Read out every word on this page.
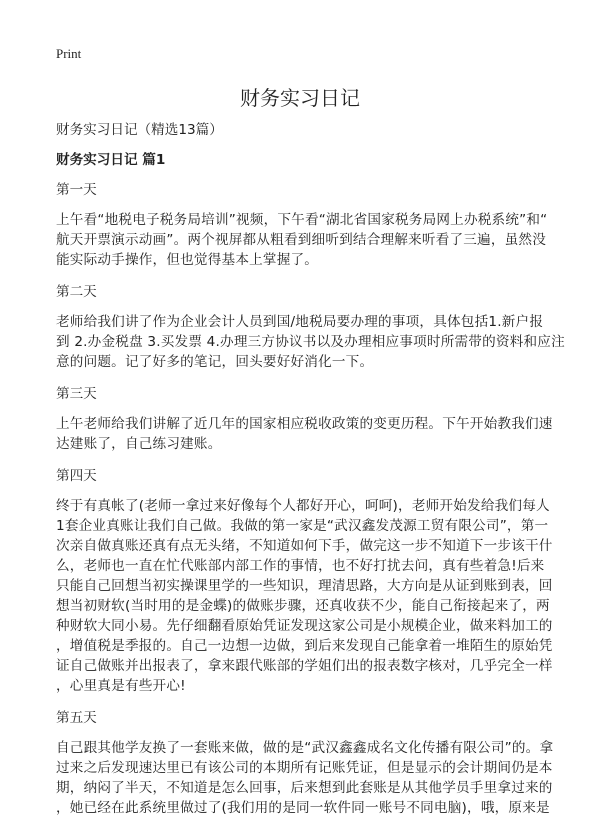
Print
财务实习日记
财务实习日记（精选13篇）
财务实习日记 篇1
第一天
上午看“地税电子税务局培训”视频，下午看“湖北省国家税务局网上办税系统”和“
航天开票演示动画”。两个视屏都从粗看到细听到结合理解来听看了三遍，虽然没
能实际动手操作，但也觉得基本上掌握了。
第二天
老师给我们讲了作为企业会计人员到国/地税局要办理的事项，具体包括1.新户报
到 2.办金税盘 3.买发票 4.办理三方协议书以及办理相应事项时所需带的资料和应注
意的问题。记了好多的笔记，回头要好好消化一下。
第三天
上午老师给我们讲解了近几年的国家相应税收政策的变更历程。下午开始教我们速
达建账了，自己练习建账。
第四天
终于有真帐了(老师一拿过来好像每个人都好开心，呵呵)，老师开始发给我们每人
1套企业真账让我们自己做。我做的第一家是“武汉鑫发茂源工贸有限公司”，第一
次亲自做真账还真有点无头绪，不知道如何下手，做完这一步不知道下一步该干什
么，老师也一直在忙代账部内部工作的事情，也不好打扰去问，真有些着急!后来
只能自己回想当初实操课里学的一些知识，理清思路，大方向是从证到账到表，回
想当初财软(当时用的是金蝶)的做账步骤，还真收获不少，能自己衔接起来了，两
种财软大同小易。先仔细翻看原始凭证发现这家公司是小规模企业，做来料加工的
，增值税是季报的。自己一边想一边做，到后来发现自己能拿着一堆陌生的原始凭
证自己做账并出报表了，拿来跟代账部的学姐们出的报表数字核对，几乎完全一样
，心里真是有些开心!
第五天
自己跟其他学友换了一套账来做，做的是“武汉鑫鑫成名文化传播有限公司”的。拿
过来之后发现速达里已有该公司的本期所有记账凭证，但是显示的会计期间仍是本
期，纳闷了半天，不知道是怎么回事，后来想到此套账是从其他学员手里拿过来的
，她已经在此系统里做过了(我们用的是同一软件同一账号不同电脑)，哦，原来是
